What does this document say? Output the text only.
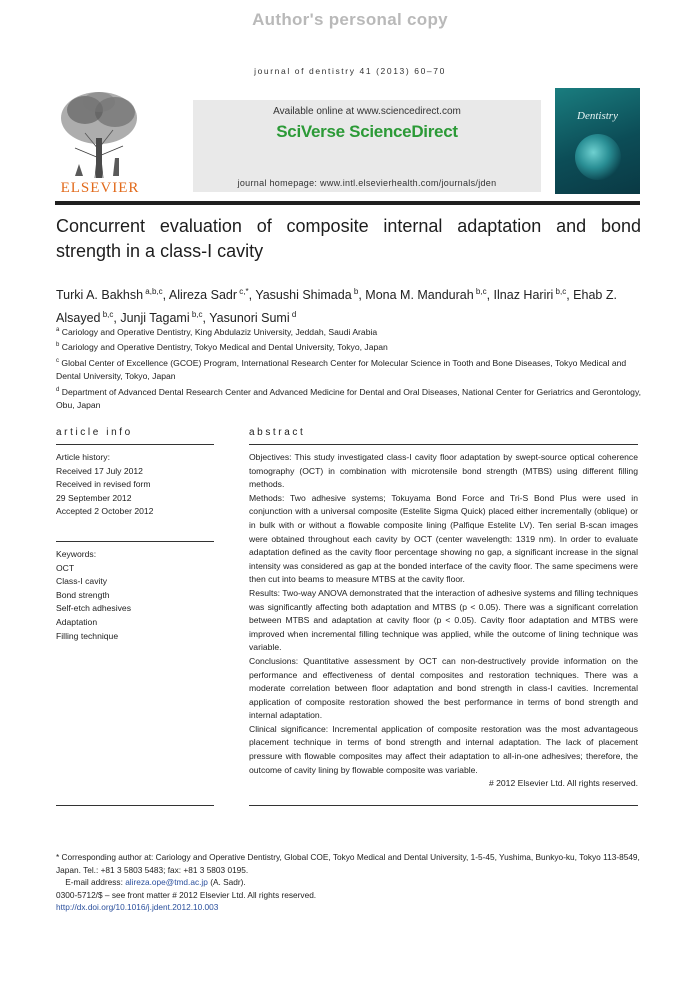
Author's personal copy
journal of dentistry 41 (2013) 60–70
ELSEVIER
Available online at www.sciencedirect.com
SciVerse ScienceDirect
journal homepage: www.intl.elsevierhealth.com/journals/jden
Dentistry
Concurrent evaluation of composite internal adaptation and bond strength in a class-I cavity
Turki A. Bakhsh $^{a,b,c}$, Alireza Sadr $^{c,*}$, Yasushi Shimada $^b$, Mona M. Mandurah $^{b,c}$, Ilnaz Hariri $^{b,c}$, Ehab Z. Alsayed $^{b,c}$, Junji Tagami $^{b,c}$, Yasunori Sumi $^d$

$^a$ Cariology and Operative Dentistry, King Abdulaziz University, Jeddah, Saudi Arabia

$^b$ Cariology and Operative Dentistry, Tokyo Medical and Dental University, Tokyo, Japan

$^c$ Global Center of Excellence (GCOE) Program, International Research Center for Molecular Science in Tooth and Bone Diseases, Tokyo Medical and Dental University, Tokyo, Japan

$^d$ Department of Advanced Dental Research Center and Advanced Medicine for Dental and Oral Diseases, National Center for Geriatrics and Gerontology, Obu, Japan

article info
Article history:
Received 17 July 2012
Received in revised form
29 September 2012
Accepted 2 October 2012
Keywords:
OCT
Class-I cavity
Bond strength
Self-etch adhesives
Adaptation
Filling technique
abstract

Objectives: This study investigated class-I cavity floor adaptation by swept-source optical coherence tomography (OCT) in combination with microtensile bond strength (MTBS) using different filling methods.

Methods: Two adhesive systems; Tokuyama Bond Force and Tri-S Bond Plus were used in conjunction with a universal composite (Estelite Sigma Quick) placed either incrementally (oblique) or in bulk with or without a flowable composite lining (Palfique Estelite LV). Ten serial B-scan images were obtained throughout each cavity by OCT (center wavelength: 1319 nm). In order to evaluate adaptation defined as the cavity floor percentage showing no gap, a significant increase in the signal intensity was considered as gap at the bonded interface of the cavity floor. The same specimens were then cut into beams to measure MTBS at the cavity floor.

Results: Two-way ANOVA demonstrated that the interaction of adhesive systems and filling techniques was significantly affecting both adaptation and MTBS (p < 0.05). There was a significant correlation between MTBS and adaptation at cavity floor (p < 0.05). Cavity floor adaptation and MTBS were improved when incremental filling technique was applied, while the outcome of lining technique was variable.

Conclusions: Quantitative assessment by OCT can non-destructively provide information on the performance and effectiveness of dental composites and restoration techniques. There was a moderate correlation between floor adaptation and bond strength in class-I cavities. Incremental application of composite restoration showed the best performance in terms of bond strength and internal adaptation.

Clinical significance: Incremental application of composite restoration was the most advantageous placement technique in terms of bond strength and internal adaptation. The lack of placement pressure with flowable composites may affect their adaptation to all-in-one adhesives; therefore, the outcome of cavity lining by flowable composite was variable.

# 2012 Elsevier Ltd. All rights reserved.

* Corresponding author at: Cariology and Operative Dentistry, Global COE, Tokyo Medical and Dental University, 1-5-45, Yushima, Bunkyo-ku, Tokyo 113-8549, Japan. Tel.: +81 3 5803 5483; fax: +81 3 5803 0195.

E-mail address: alireza.ope@tmd.ac.jp (A. Sadr).

0300-5712/$ – see front matter # 2012 Elsevier Ltd. All rights reserved.

http://dx.doi.org/10.1016/j.jdent.2012.10.003
